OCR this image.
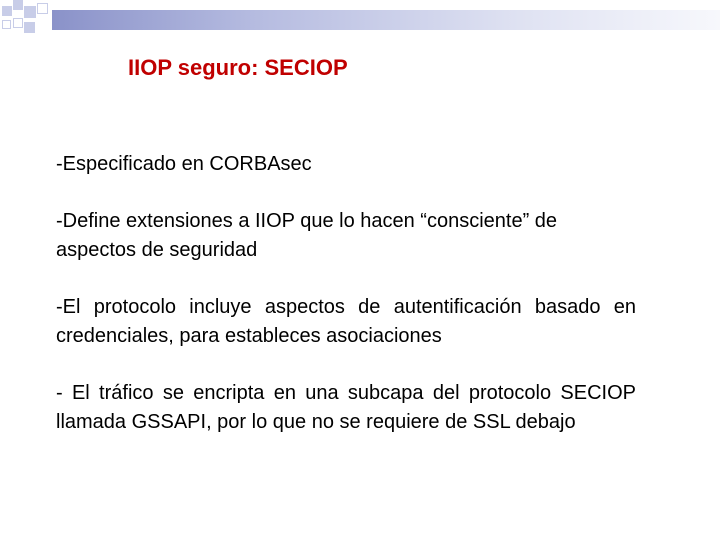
IIOP seguro: SECIOP

-Especificado en CORBAsec

-Define extensiones a IIOP que lo hacen “consciente” de aspectos de seguridad

-El protocolo incluye aspectos de autentificación basado en credenciales, para estableces asociaciones

- El tráfico se encripta en una subcapa del protocolo SECIOP llamada GSSAPI, por lo que no se requiere de SSL debajo
